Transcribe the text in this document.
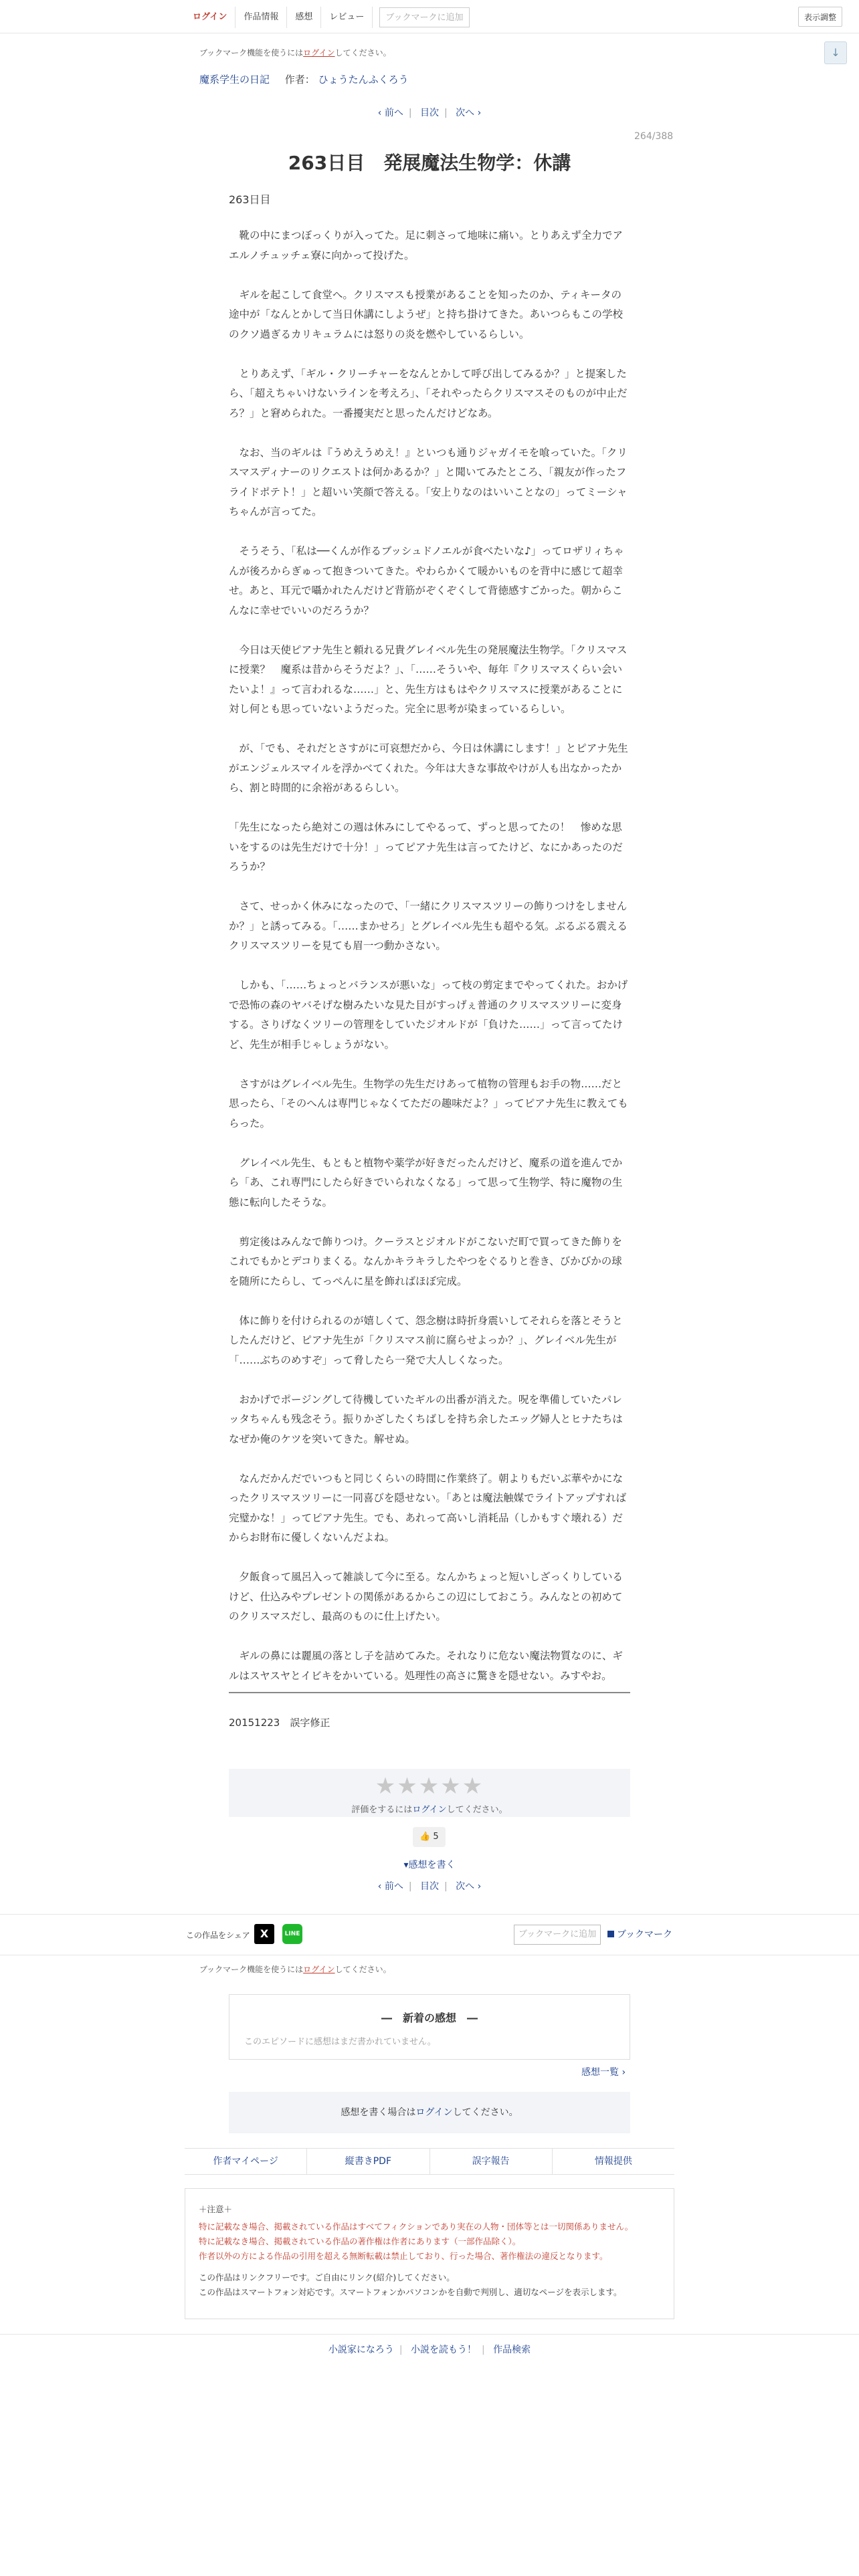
ログイン	作品情報	感想	レビュー	ブックマークに追加	表示調整
↓
ブックマーク機能を使うにはログインしてください。
魔系学生の日記 作者： ひょうたんふくろう
‹ 前へ | 目次 | 次へ ›
264/388
263日目　発展魔法生物学：休講
263日目

　靴の中にまつぼっくりが入ってた。足に刺さって地味に痛い。とりあえず全力でアエルノチュッチェ寮に向かって投げた。

　ギルを起こして食堂へ。クリスマスも授業があることを知ったのか、ティキータの途中が「なんとかして当日休講にしようぜ」と持ち掛けてきた。あいつらもこの学校のクソ過ぎるカリキュラムには怒りの炎を燃やしているらしい。

　とりあえず、「ギル・クリーチャーをなんとかして呼び出してみるか？」と提案したら、「超えちゃいけないラインを考えろ」、「それやったらクリスマスそのものが中止だろ？」と窘められた。一番擾実だと思ったんだけどなあ。

　なお、当のギルは『うめえうめえ！』といつも通りジャガイモを喰っていた。「クリスマスディナーのリクエストは何かあるか？」と聞いてみたところ、「親友が作ったフライドポテト！」と超いい笑顔で答える。「安上りなのはいいことなの」ってミーシャちゃんが言ってた。

　そうそう、「私は──くんが作るブッシュドノエルが食べたいな♪」ってロザリィちゃんが後ろからぎゅって抱きついてきた。やわらかくて暖かいものを背中に感じて超幸せ。あと、耳元で囁かれたんだけど背筋がぞくぞくして背徳感すごかった。朝からこんなに幸せでいいのだろうか？

　今日は天使ピアナ先生と頼れる兄貴グレイベル先生の発展魔法生物学。「クリスマスに授業？　魔系は昔からそうだよ？」、「……そういや、毎年『クリスマスくらい会いたいよ！』って言われるな……」と、先生方はもはやクリスマスに授業があることに対し何とも思っていないようだった。完全に思考が染まっているらしい。

　が、「でも、それだとさすがに可哀想だから、今日は休講にします！」とピアナ先生がエンジェルスマイルを浮かべてくれた。今年は大きな事故やけが人も出なかったから、割と時間的に余裕があるらしい。

「先生になったら絶対この週は休みにしてやるって、ずっと思ってたの！　惨めな思いをするのは先生だけで十分！」ってピアナ先生は言ってたけど、なにかあったのだろうか？

　さて、せっかく休みになったので、「一緒にクリスマスツリーの飾りつけをしませんか？」と誘ってみる。「……まかせろ」とグレイベル先生も超やる気。ぶるぶる震えるクリスマスツリーを見ても眉一つ動かさない。

　しかも、「……ちょっとバランスが悪いな」って枝の剪定までやってくれた。おかげで恐怖の森のヤバそげな樹みたいな見た目がすっげぇ普通のクリスマスツリーに変身する。さりげなくツリーの管理をしていたジオルドが「負けた……」って言ってたけど、先生が相手じゃしょうがない。

　さすがはグレイベル先生。生物学の先生だけあって植物の管理もお手の物……だと思ったら、「そのへんは専門じゃなくてただの趣味だよ？」ってピアナ先生に教えてもらった。

　グレイベル先生、もともと植物や薬学が好きだったんだけど、魔系の道を進んでから「あ、これ専門にしたら好きでいられなくなる」って思って生物学、特に魔物の生態に転向したそうな。

　剪定後はみんなで飾りつけ。クーラスとジオルドがこないだ町で買ってきた飾りをこれでもかとデコりまくる。なんかキラキラしたやつをぐるりと巻き、びかびかの球を随所にたらし、てっぺんに星を飾ればほぼ完成。

　体に飾りを付けられるのが嬉しくて、怨念樹は時折身震いしてそれらを落とそうとしたんだけど、ピアナ先生が「クリスマス前に腐らせよっか？」、グレイベル先生が「……ぶちのめすぞ」って脅したら一発で大人しくなった。

　おかげでポージングして待機していたギルの出番が消えた。呪を準備していたパレッタちゃんも残念そう。振りかざしたくちばしを持ち余したエッグ婦人とヒナたちはなぜか俺のケツを突いてきた。解せぬ。

　なんだかんだでいつもと同じくらいの時間に作業終了。朝よりもだいぶ華やかになったクリスマスツリーに一同喜びを隠せない。「あとは魔法触媒でライトアップすれば完璧かな！」ってピアナ先生。でも、あれって高いし消耗品（しかもすぐ壊れる）だからお財布に優しくないんだよね。

　夕飯食って風呂入って雑談して今に至る。なんかちょっと短いしざっくりしているけど、仕込みやプレゼントの関係があるからこの辺にしておこう。みんなとの初めてのクリスマスだし、最高のものに仕上げたい。

　ギルの鼻には麗風の落とし子を詰めてみた。それなりに危ない魔法物質なのに、ギルはスヤスヤとイビキをかいている。処理性の高さに驚きを隠せない。みすやお。

20151223　誤字修正
★★★★★
評価をするにはログインしてください。
👍 5
▾感想を書く
‹ 前へ | 目次 | 次へ ›
この作品をシェア X	LINE	ブックマークに追加	ブックマーク
ブックマーク機能を使うにはログインしてください。
―　新着の感想　―
このエピソードに感想はまだ書かれていません。
感想一覧 ›
感想を書く場合はログインしてください。
作者マイページ	縦書きPDF	誤字報告	情報提供
＋注意＋
特に記載なき場合、掲載されている作品はすべてフィクションであり実在の人物・団体等とは一切関係ありません。
特に記載なき場合、掲載されている作品の著作権は作者にあります（一部作品除く）。
作者以外の方による作品の引用を超える無断転載は禁止しており、行った場合、著作権法の違反となります。
この作品はリンクフリーです。ご自由にリンク(紹介)してください。
この作品はスマートフォン対応です。スマートフォンかパソコンかを自動で判別し、適切なページを表示します。
小説家になろう | 小説を読もう！ | 作品検索
